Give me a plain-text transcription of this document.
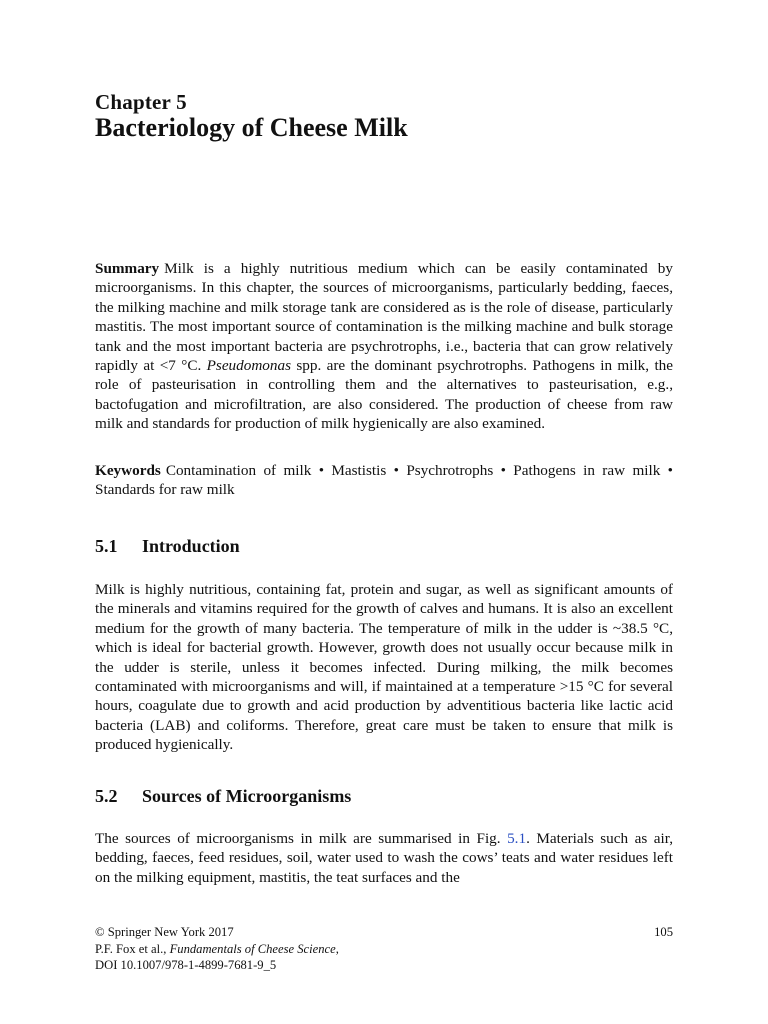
Chapter 5
Bacteriology of Cheese Milk
Summary Milk is a highly nutritious medium which can be easily contaminated by microorganisms. In this chapter, the sources of microorganisms, particularly bedding, faeces, the milking machine and milk storage tank are considered as is the role of disease, particularly mastitis. The most important source of contamination is the milking machine and bulk storage tank and the most important bacteria are psychrotrophs, i.e., bacteria that can grow relatively rapidly at <7 °C. Pseudomonas spp. are the dominant psychrotrophs. Pathogens in milk, the role of pasteurisation in controlling them and the alternatives to pasteurisation, e.g., bactofugation and microfiltration, are also considered. The production of cheese from raw milk and standards for production of milk hygienically are also examined.
Keywords Contamination of milk • Mastistis • Psychrotrophs • Pathogens in raw milk • Standards for raw milk
5.1 Introduction
Milk is highly nutritious, containing fat, protein and sugar, as well as significant amounts of the minerals and vitamins required for the growth of calves and humans. It is also an excellent medium for the growth of many bacteria. The temperature of milk in the udder is ~38.5 °C, which is ideal for bacterial growth. However, growth does not usually occur because milk in the udder is sterile, unless it becomes infected. During milking, the milk becomes contaminated with microorganisms and will, if maintained at a temperature >15 °C for several hours, coagulate due to growth and acid production by adventitious bacteria like lactic acid bacteria (LAB) and coliforms. Therefore, great care must be taken to ensure that milk is produced hygienically.
5.2 Sources of Microorganisms
The sources of microorganisms in milk are summarised in Fig. 5.1. Materials such as air, bedding, faeces, feed residues, soil, water used to wash the cows’ teats and water residues left on the milking equipment, mastitis, the teat surfaces and the

© Springer New York 2017

P.F. Fox et al., Fundamentals of Cheese Science,

DOI 10.1007/978-1-4899-7681-9_5

105
